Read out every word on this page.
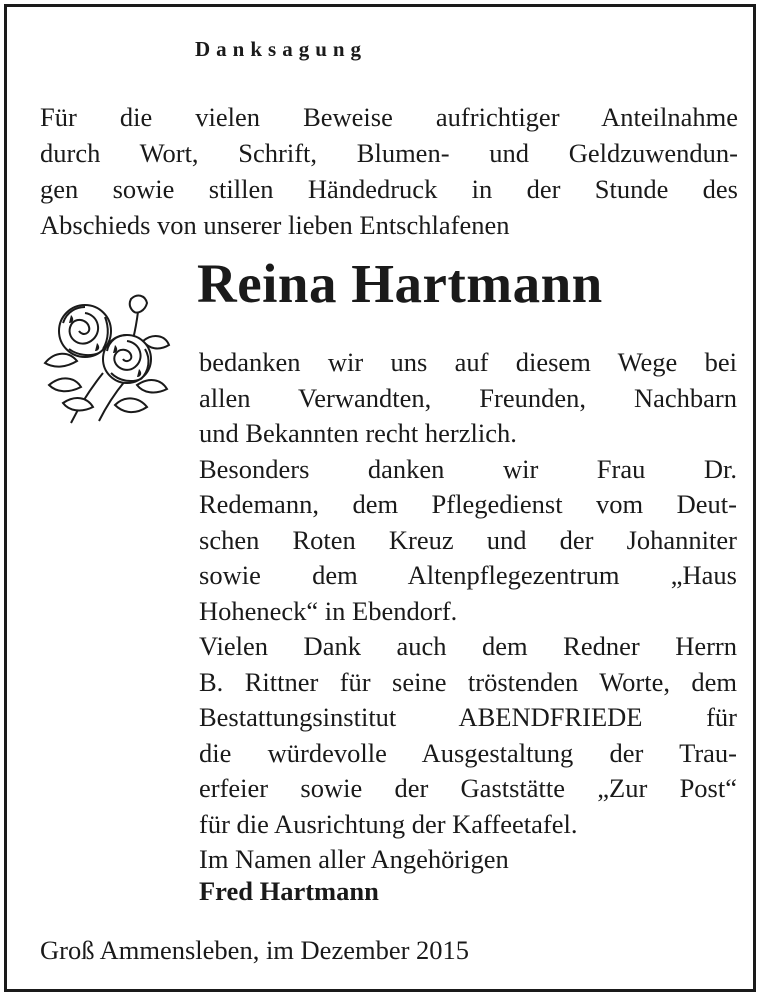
Danksagung
Für die vielen Beweise aufrichtiger Anteilnahme
durch Wort, Schrift, Blumen- und Geldzuwendun-
gen sowie stillen Händedruck in der Stunde des
Abschieds von unserer lieben Entschlafenen
Reina Hartmann
bedanken wir uns auf diesem Wege bei
allen Verwandten, Freunden, Nachbarn
und Bekannten recht herzlich.
Besonders danken wir Frau Dr.
Redemann, dem Pflegedienst vom Deut-
schen Roten Kreuz und der Johanniter
sowie dem Altenpflegezentrum „Haus
Hoheneck“ in Ebendorf.
Vielen Dank auch dem Redner Herrn
B. Rittner für seine tröstenden Worte, dem
Bestattungsinstitut ABENDFRIEDE für
die würdevolle Ausgestaltung der Trau-
erfeier sowie der Gaststätte „Zur Post“
für die Ausrichtung der Kaffeetafel.
Im Namen aller Angehörigen
Fred Hartmann
Groß Ammensleben, im Dezember 2015
